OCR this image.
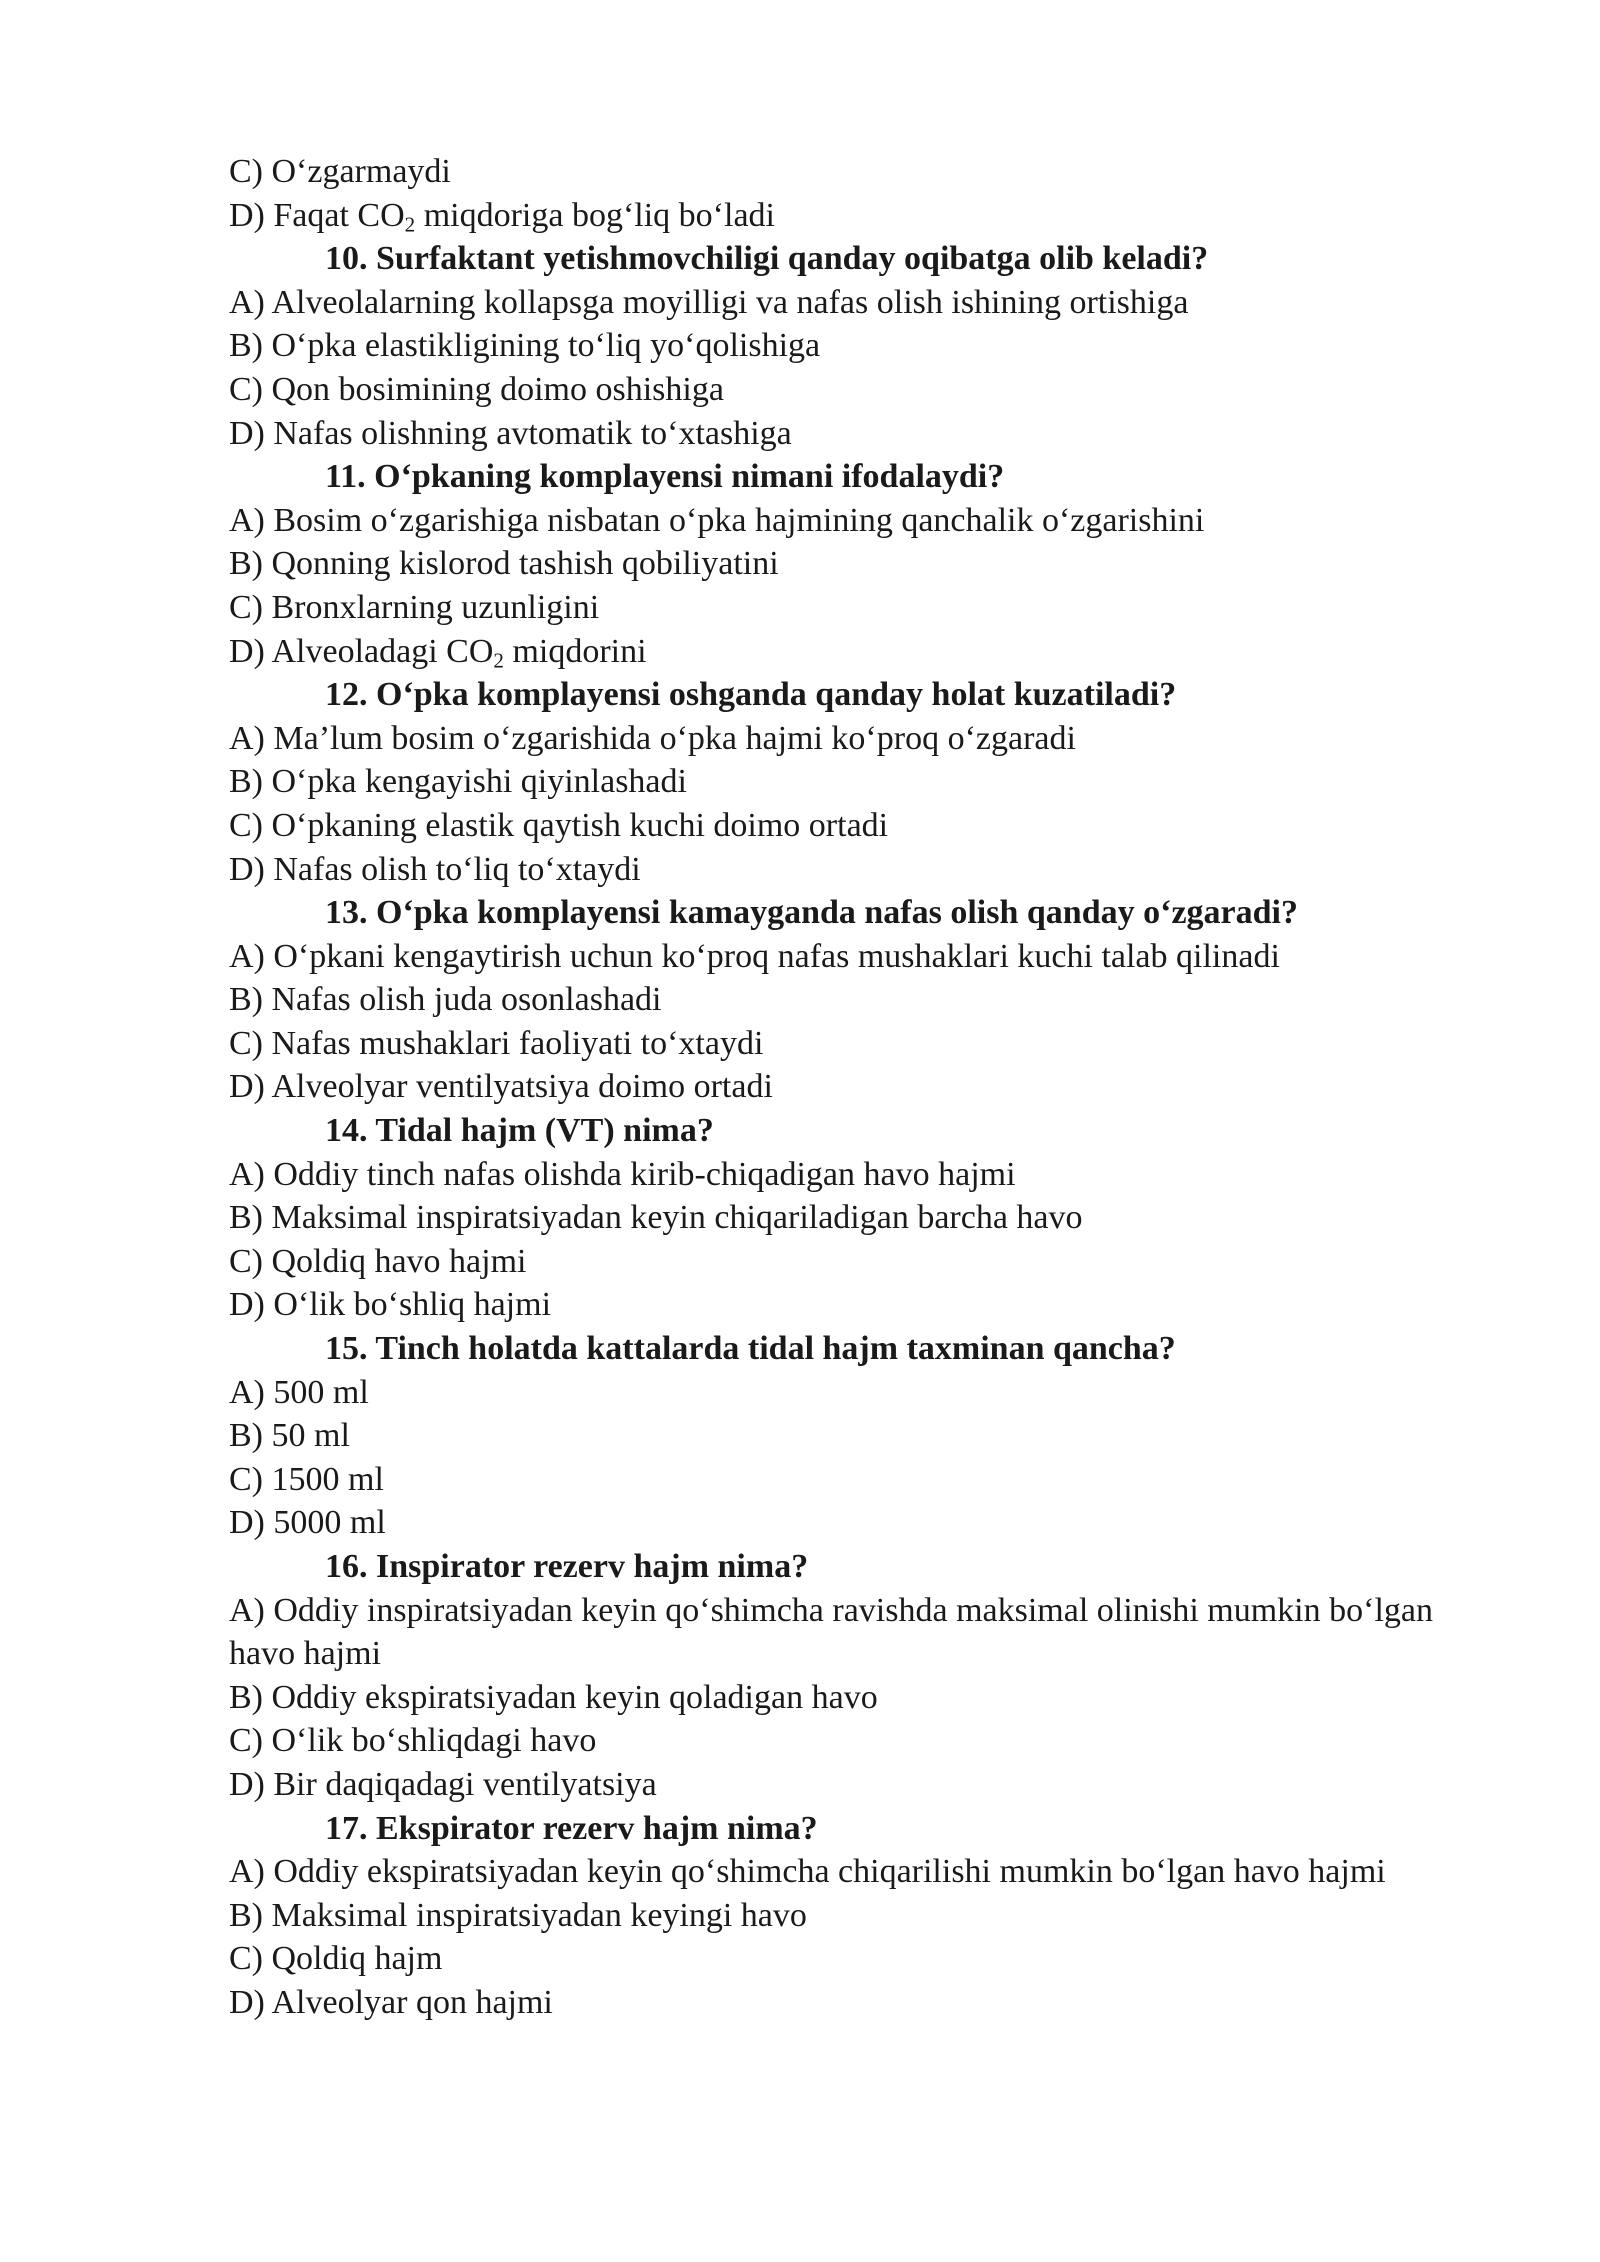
C) O‘zgarmaydi
D) Faqat $CO_2$ miqdoriga bog‘liq bo‘ladi
10. Surfaktant yetishmovchiligi qanday oqibatga olib keladi?
A) Alveolalarning kollapsga moyilligi va nafas olish ishining ortishiga
B) O‘pka elastikligining to‘liq yo‘qolishiga
C) Qon bosimining doimo oshishiga
D) Nafas olishning avtomatik to‘xtashiga
11. O‘pkaning komplayensi nimani ifodalaydi?
A) Bosim o‘zgarishiga nisbatan o‘pka hajmining qanchalik o‘zgarishini
B) Qonning kislorod tashish qobiliyatini
C) Bronxlarning uzunligini
D) Alveoladagi $CO_2$ miqdorini
12. O‘pka komplayensi oshganda qanday holat kuzatiladi?
A) Ma’lum bosim o‘zgarishida o‘pka hajmi ko‘proq o‘zgaradi
B) O‘pka kengayishi qiyinlashadi
C) O‘pkaning elastik qaytish kuchi doimo ortadi
D) Nafas olish to‘liq to‘xtaydi
13. O‘pka komplayensi kamayganda nafas olish qanday o‘zgaradi?
A) O‘pkani kengaytirish uchun ko‘proq nafas mushaklari kuchi talab qilinadi
B) Nafas olish juda osonlashadi
C) Nafas mushaklari faoliyati to‘xtaydi
D) Alveolyar ventilyatsiya doimo ortadi
14. Tidal hajm (VT) nima?
A) Oddiy tinch nafas olishda kirib-chiqadigan havo hajmi
B) Maksimal inspiratsiyadan keyin chiqariladigan barcha havo
C) Qoldiq havo hajmi
D) O‘lik bo‘shliq hajmi
15. Tinch holatda kattalarda tidal hajm taxminan qancha?
A) 500 ml
B) 50 ml
C) 1500 ml
D) 5000 ml
16. Inspirator rezerv hajm nima?
A) Oddiy inspiratsiyadan keyin qo‘shimcha ravishda maksimal olinishi mumkin bo‘lgan havo hajmi
B) Oddiy ekspiratsiyadan keyin qoladigan havo
C) O‘lik bo‘shliqdagi havo
D) Bir daqiqadagi ventilyatsiya
17. Ekspirator rezerv hajm nima?
A) Oddiy ekspiratsiyadan keyin qo‘shimcha chiqarilishi mumkin bo‘lgan havo hajmi
B) Maksimal inspiratsiyadan keyingi havo
C) Qoldiq hajm
D) Alveolyar qon hajmi
